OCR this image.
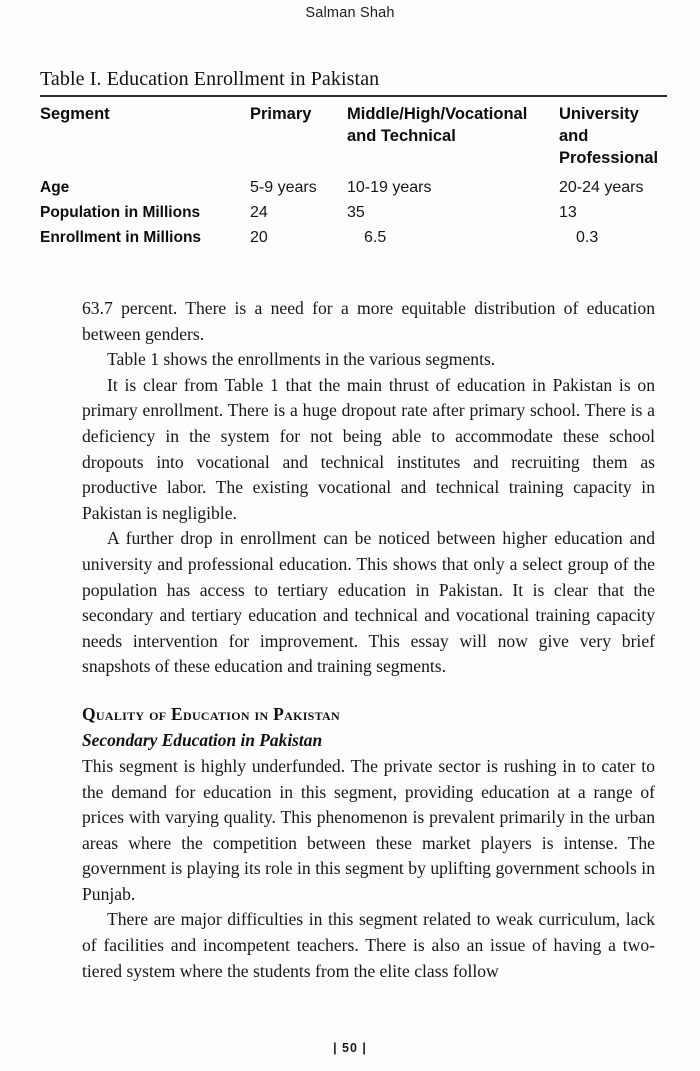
Salman Shah
Table I. Education Enrollment in Pakistan
Segment	Primary	Middle/High/Vocational and Technical	University and Professional
Age	5-9 years	10-19 years	20-24 years
Population in Millions	24	35	13
Enrollment in Millions	20	6.5	0.3

63.7 percent. There is a need for a more equitable distribution of education between genders.

Table 1 shows the enrollments in the various segments.

It is clear from Table 1 that the main thrust of education in Pakistan is on primary enrollment. There is a huge dropout rate after primary school. There is a deficiency in the system for not being able to accommodate these school dropouts into vocational and technical institutes and recruiting them as productive labor. The existing vocational and technical training capacity in Pakistan is negligible.

A further drop in enrollment can be noticed between higher education and university and professional education. This shows that only a select group of the population has access to tertiary education in Pakistan. It is clear that the secondary and tertiary education and technical and vocational training capacity needs intervention for improvement. This essay will now give very brief snapshots of these education and training segments.

Quality of Education in Pakistan
Secondary Education in Pakistan

This segment is highly underfunded. The private sector is rushing in to cater to the demand for education in this segment, providing education at a range of prices with varying quality. This phenomenon is prevalent primarily in the urban areas where the competition between these market players is intense. The government is playing its role in this segment by uplifting government schools in Punjab.

There are major difficulties in this segment related to weak curriculum, lack of facilities and incompetent teachers. There is also an issue of having a two-tiered system where the students from the elite class follow

| 50 |
